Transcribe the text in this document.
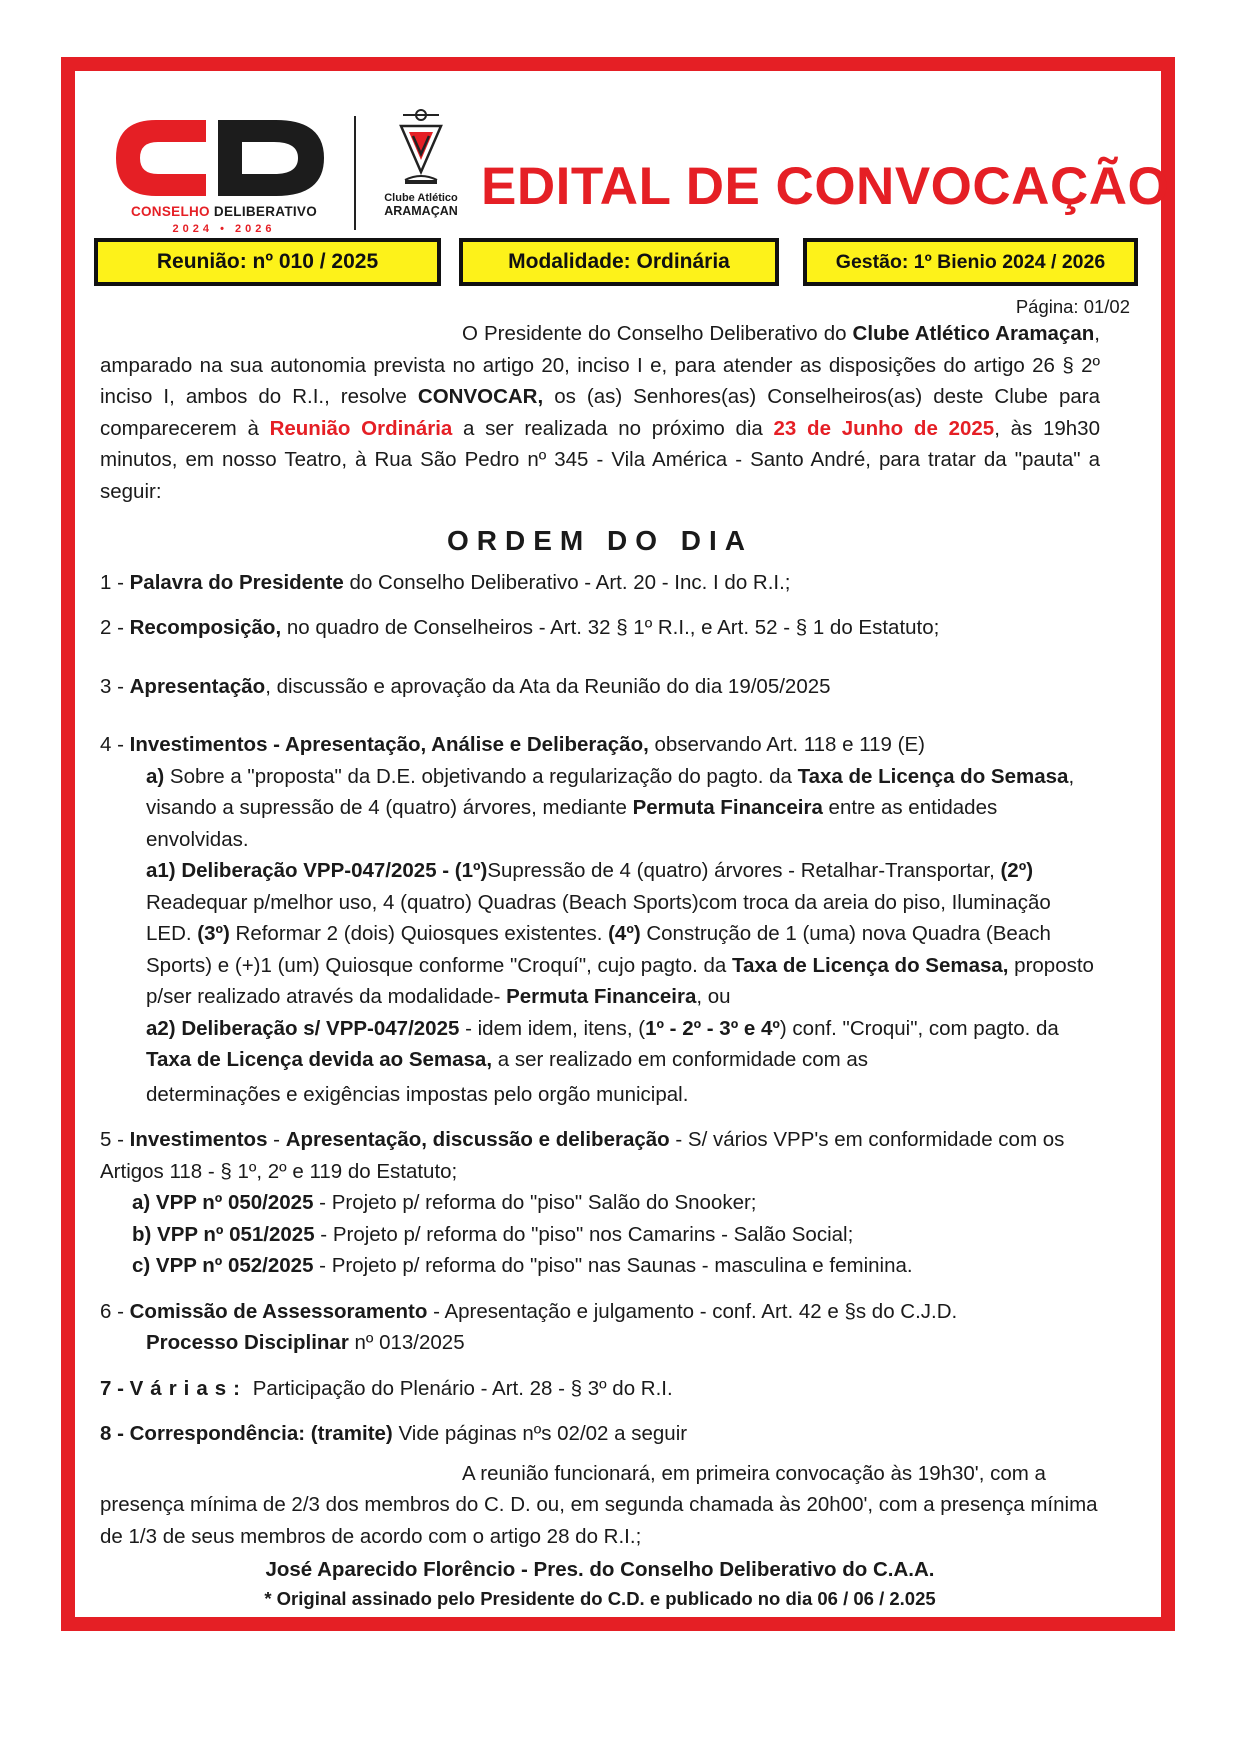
CONSELHO DELIBERATIVO
2024 • 2026
Clube Atlético
ARAMAÇAN EDITAL DE CONVOCAÇÃO
Reunião: nº 010 / 2025	Modalidade: Ordinária	Gestão: 1º Bienio 2024 / 2026
Página: 01/02

O Presidente do Conselho Deliberativo do Clube Atlético Aramaçan, amparado na sua autonomia prevista no artigo 20, inciso I e, para atender as disposições do artigo 26 § 2º inciso I, ambos do R.I., resolve CONVOCAR, os (as) Senhores(as) Conselheiros(as) deste Clube para comparecerem à Reunião Ordinária a ser realizada no próximo dia 23 de Junho de 2025, às 19h30 minutos, em nosso Teatro, à Rua São Pedro nº 345 - Vila América - Santo André, para tratar da "pauta" a seguir:

ORDEM DO DIA

1 - Palavra do Presidente do Conselho Deliberativo - Art. 20 - Inc. I do R.I.;

2 - Recomposição, no quadro de Conselheiros - Art. 32 § 1º R.I., e Art. 52 - § 1 do Estatuto;

3 - Apresentação, discussão e aprovação da Ata da Reunião do dia 19/05/2025

4 - Investimentos - Apresentação, Análise e Deliberação, observando Art. 118 e 119 (E)

a) Sobre a "proposta" da D.E. objetivando a regularização do pagto. da Taxa de Licença do Semasa, visando a supressão de 4 (quatro) árvores, mediante Permuta Financeira entre as entidades envolvidas.

a1) Deliberação VPP-047/2025 - (1º)Supressão de 4 (quatro) árvores - Retalhar-Transportar, (2º) Readequar p/melhor uso, 4 (quatro) Quadras (Beach Sports)com troca da areia do piso, Iluminação LED. (3º) Reformar 2 (dois) Quiosques existentes. (4º) Construção de 1 (uma) nova Quadra (Beach Sports) e (+)1 (um) Quiosque conforme "Croquí", cujo pagto. da Taxa de Licença do Semasa, proposto p/ser realizado através da modalidade- Permuta Financeira, ou

a2) Deliberação s/ VPP-047/2025 - idem idem, itens, (1º - 2º - 3º e 4º) conf. "Croqui", com pagto. da Taxa de Licença devida ao Semasa, a ser realizado em conformidade com as

determinações e exigências impostas pelo orgão municipal.

5 - Investimentos - Apresentação, discussão e deliberação - S/ vários VPP's em conformidade com os Artigos 118 - § 1º, 2º e 119 do Estatuto;

a) VPP nº 050/2025 - Projeto p/ reforma do "piso" Salão do Snooker;

b) VPP nº 051/2025 - Projeto p/ reforma do "piso" nos Camarins - Salão Social;

c) VPP nº 052/2025 - Projeto p/ reforma do "piso" nas Saunas - masculina e feminina.

6 - Comissão de Assessoramento - Apresentação e julgamento - conf. Art. 42 e §s do C.J.D.

Processo Disciplinar nº 013/2025

7 - Várias: Participação do Plenário - Art. 28 - § 3º do R.I.

8 - Correspondência: (tramite) Vide páginas nºs 02/02 a seguir

A reunião funcionará, em primeira convocação às 19h30', com a presença mínima de 2/3 dos membros do C. D. ou, em segunda chamada às 20h00', com a presença mínima de 1/3 de seus membros de acordo com o artigo 28 do R.I.;

José Aparecido Florêncio - Pres. do Conselho Deliberativo do C.A.A.

* Original assinado pelo Presidente do C.D. e publicado no dia 06 / 06 / 2.025
